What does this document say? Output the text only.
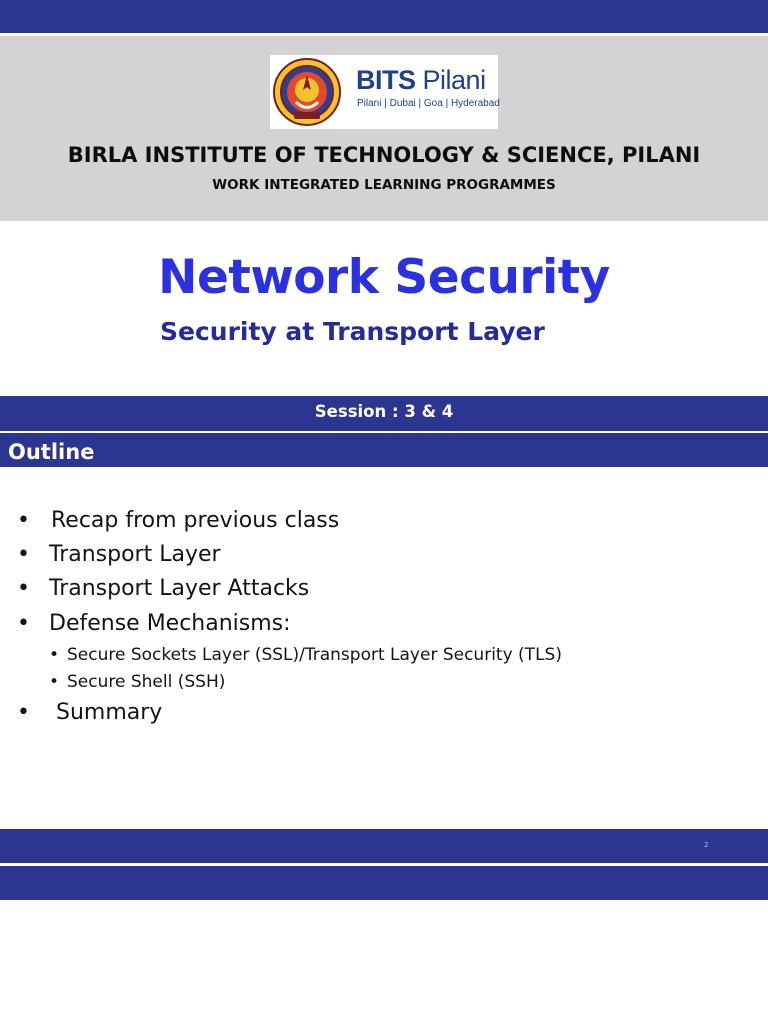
BITS Pilani
Pilani | Dubai | Goa | Hyderabad
BIRLA INSTITUTE OF TECHNOLOGY & SCIENCE, PILANI
WORK INTEGRATED LEARNING PROGRAMMES
Network Security
Security at Transport Layer
Session : 3 & 4
Outline
• Recap from previous class
• Transport Layer
• Transport Layer Attacks
• Defense Mechanisms:
• Secure Sockets Layer (SSL)/Transport Layer Security (TLS)
• Secure Shell (SSH)
• Summary
2
